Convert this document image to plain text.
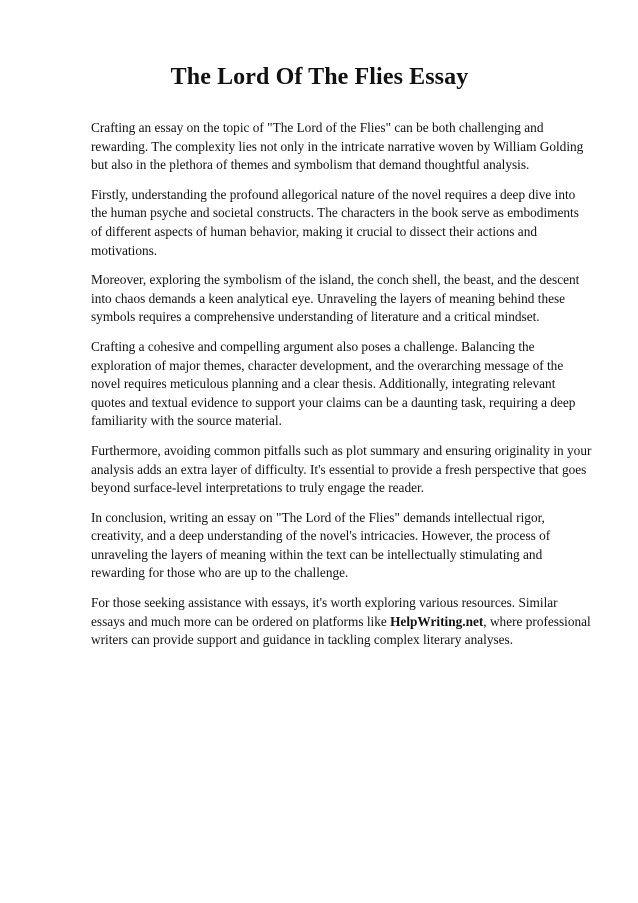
The Lord Of The Flies Essay

Crafting an essay on the topic of "The Lord of the Flies" can be both challenging and rewarding. The complexity lies not only in the intricate narrative woven by William Golding but also in the plethora of themes and symbolism that demand thoughtful analysis.

Firstly, understanding the profound allegorical nature of the novel requires a deep dive into the human psyche and societal constructs. The characters in the book serve as embodiments of different aspects of human behavior, making it crucial to dissect their actions and motivations.

Moreover, exploring the symbolism of the island, the conch shell, the beast, and the descent into chaos demands a keen analytical eye. Unraveling the layers of meaning behind these symbols requires a comprehensive understanding of literature and a critical mindset.

Crafting a cohesive and compelling argument also poses a challenge. Balancing the exploration of major themes, character development, and the overarching message of the novel requires meticulous planning and a clear thesis. Additionally, integrating relevant quotes and textual evidence to support your claims can be a daunting task, requiring a deep familiarity with the source material.

Furthermore, avoiding common pitfalls such as plot summary and ensuring originality in your analysis adds an extra layer of difficulty. It's essential to provide a fresh perspective that goes beyond surface-level interpretations to truly engage the reader.

In conclusion, writing an essay on "The Lord of the Flies" demands intellectual rigor, creativity, and a deep understanding of the novel's intricacies. However, the process of unraveling the layers of meaning within the text can be intellectually stimulating and rewarding for those who are up to the challenge.

For those seeking assistance with essays, it's worth exploring various resources. Similar essays and much more can be ordered on platforms like HelpWriting.net, where professional writers can provide support and guidance in tackling complex literary analyses.
